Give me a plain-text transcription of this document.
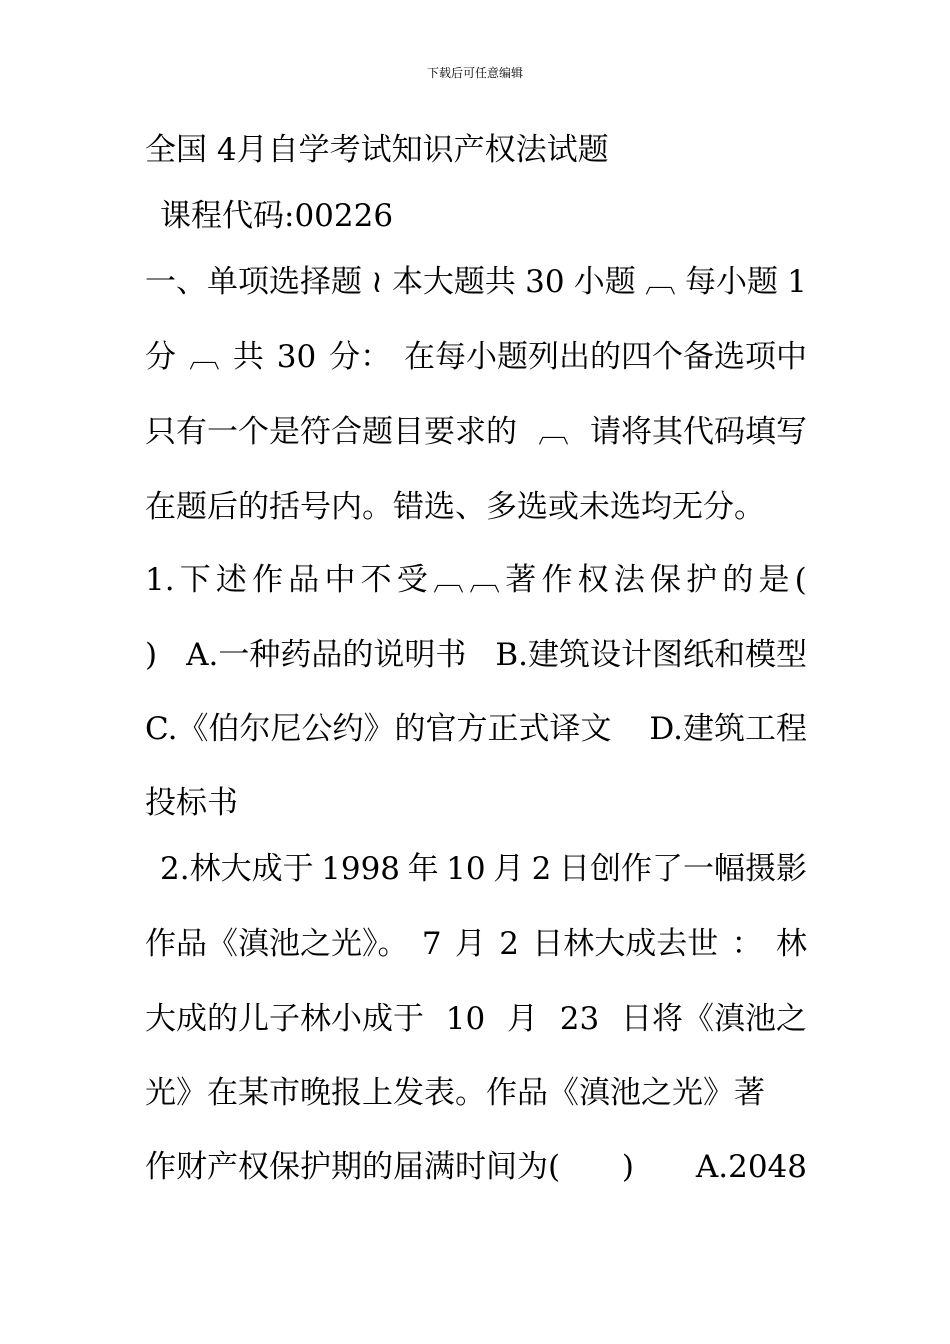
下载后可任意编辑
全国 4月自学考试知识产权法试题
课程代码:00226
一、单项选择题 ≀ 本大题共 30 小题 ︹ 每小题 1
分 ︹ 共 30 分： 在每小题列出的四个备选项中
只有一个是符合题目要求的 ︹ 请将其代码填写
在题后的括号内。错选、多选或未选均无分。
1. 下 述 作 品 中 不 受 ︹ ︹ 著 作 权 法 保 护 的 是 (
) A.一种药品的说明书 B.建筑设计图纸和模型
C.《伯尔尼公约》的官方正式译文 D.建筑工程
投标书
2.林大成于 1998 年 10 月 2 日创作了一幅摄影
作品《滇池之光》。 7 月 2 日林大成去世 ： 林
大成的儿子林小成于 10 月 23 日将《滇池之
光》在某市晚报上发表。作品《滇池之光》著
作财产权保护期的届满时间为( ) A.2048
